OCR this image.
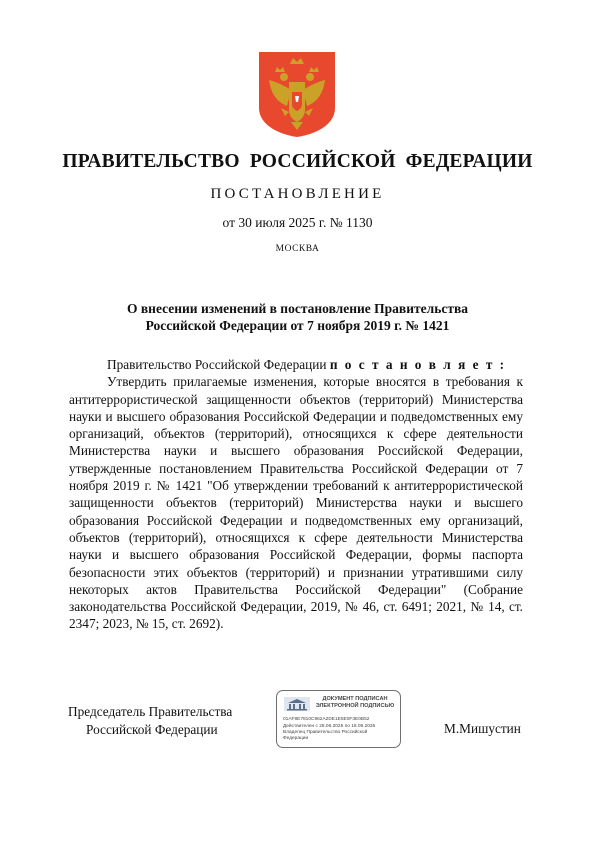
ПРАВИТЕЛЬСТВО РОССИЙСКОЙ ФЕДЕРАЦИИ
ПОСТАНОВЛЕНИЕ
от 30 июля 2025 г. № 1130
МОСКВА
О внесении изменений в постановление Правительства
Российской Федерации от 7 ноября 2019 г. № 1421

Правительство Российской Федерации п о с т а н о в л я е т :

Утвердить прилагаемые изменения, которые вносятся в требования к антитеррористической защищенности объектов (территорий) Министерства науки и высшего образования Российской Федерации и подведомственных ему организаций, объектов (территорий), относящихся к сфере деятельности Министерства науки и высшего образования Российской Федерации, утвержденные постановлением Правительства Российской Федерации от 7 ноября 2019 г. № 1421 "Об утверждении требований к антитеррористической защищенности объектов (территорий) Министерства науки и высшего образования Российской Федерации и подведомственных ему организаций, объектов (территорий), относящихся к сфере деятельности Министерства науки и высшего образования Российской Федерации, формы паспорта безопасности этих объектов (территорий) и признании утратившими силу некоторых актов Правительства Российской Федерации" (Собрание законодательства Российской Федерации, 2019, № 46, ст. 6491; 2021, № 14, ст. 2347; 2023, № 15, ст. 2692).

Председатель Правительства
Российской Федерации
ДОКУМЕНТ ПОДПИСАН
ЭЛЕКТРОННОЙ ПОДПИСЬЮ
01АF8E7810C962A2DE1E5E0F3E0B52
Действителен с 28.06.2025 по 18.09.2026
Владелец Правительство Российской
Федерации
М.Мишустин
